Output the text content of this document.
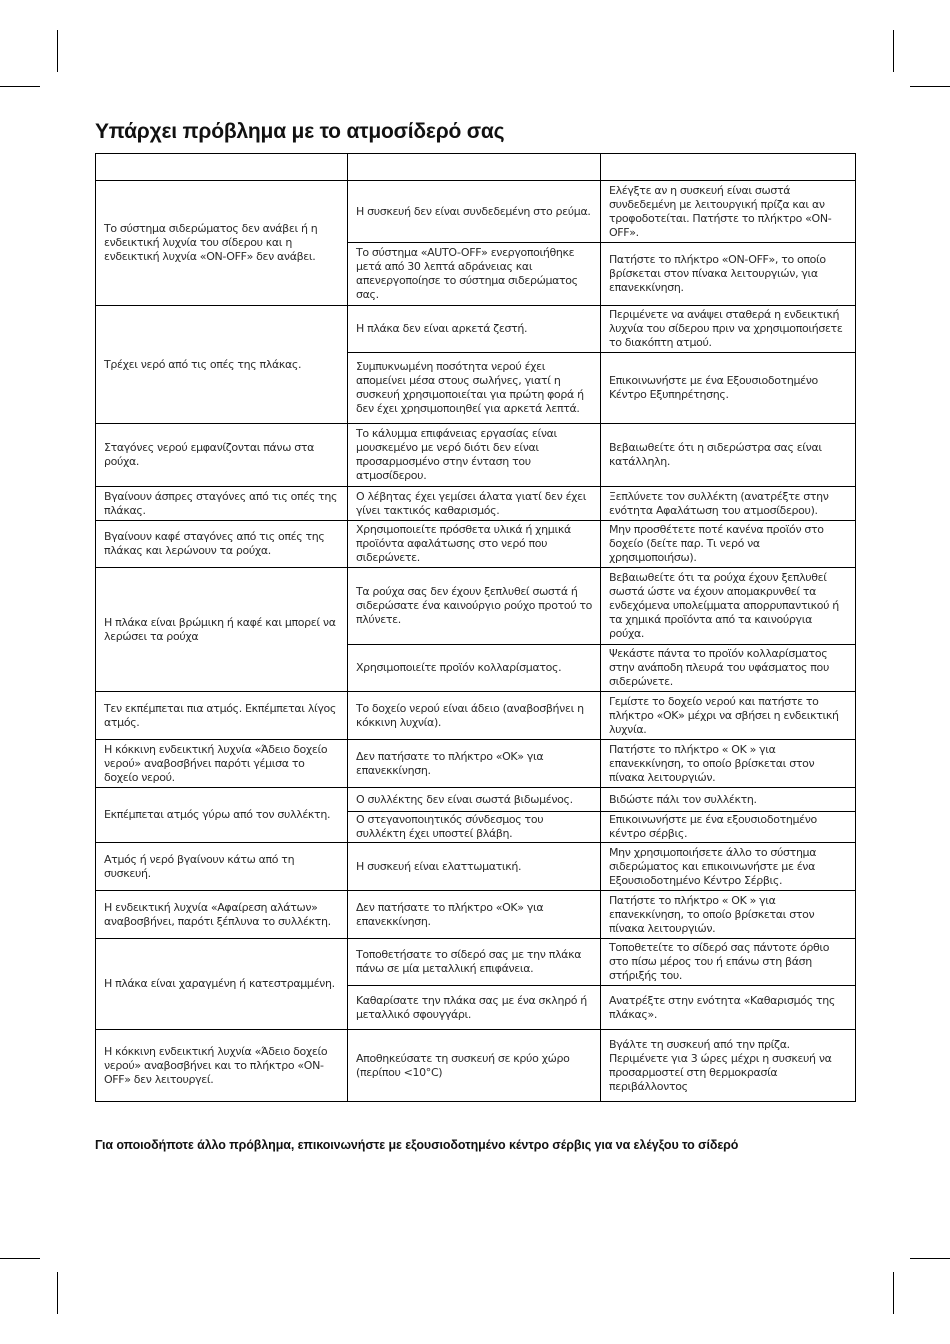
Υπάρχει πρόβλημα με το ατμοσίδερό σας

Το σύστημα σιδερώματος δεν ανάβει ή η ενδεικτική λυχνία του σίδερου και η ενδεικτική λυχνία «ON-OFF» δεν ανάβει.	Η συσκευή δεν είναι συνδεδεμένη στο ρεύμα.	Ελέγξτε αν η συσκευή είναι σωστά συνδεδεμένη με λειτουργική πρίζα και αν τροφοδοτείται. Πατήστε το πλήκτρο «ON-OFF».
	Το σύστημα «AUTO-OFF» ενεργοποιήθηκε μετά από 30 λεπτά αδράνειας και απενεργοποίησε το σύστημα σιδερώματος σας.	Πατήστε το πλήκτρο «ON-OFF», το οποίο βρίσκεται στον πίνακα λειτουργιών, για επανεκκίνηση.
Τρέχει νερό από τις οπές της πλάκας.	Η πλάκα δεν είναι αρκετά ζεστή.	Περιμένετε να ανάψει σταθερά η ενδεικτική λυχνία του σίδερου πριν να χρησιμοποιήσετε το διακόπτη ατμού.
	Συμπυκνωμένη ποσότητα νερού έχει απομείνει μέσα στους σωλήνες, γιατί η συσκευή χρησιμοποιείται για πρώτη φορά ή δεν έχει χρησιμοποιηθεί για αρκετά λεπτά.	Επικοινωνήστε με ένα Εξουσιοδοτημένο Κέντρο Εξυπηρέτησης.
Σταγόνες νερού εμφανίζονται πάνω στα ρούχα.	Το κάλυμμα επιφάνειας εργασίας είναι μουσκεμένο με νερό διότι δεν είναι προσαρμοσμένο στην ένταση του ατμοσίδερου.	Βεβαιωθείτε ότι η σιδερώστρα σας είναι κατάλληλη.
Βγαίνουν άσπρες σταγόνες από τις οπές της πλάκας.	Ο λέβητας έχει γεμίσει άλατα γιατί δεν έχει γίνει τακτικός καθαρισμός.	Ξεπλύνετε τον συλλέκτη (ανατρέξτε στην ενότητα Αφαλάτωση του ατμοσίδερου).
Βγαίνουν καφέ σταγόνες από τις οπές της πλάκας και λερώνουν τα ρούχα.	Χρησιμοποιείτε πρόσθετα υλικά ή χημικά προϊόντα αφαλάτωσης στο νερό που σιδερώνετε.	Μην προσθέτετε ποτέ κανένα προϊόν στο δοχείο (δείτε παρ. Τι νερό να χρησιμοποιήσω).
Η πλάκα είναι βρώμικη ή καφέ και μπορεί να λερώσει τα ρούχα	Τα ρούχα σας δεν έχουν ξεπλυθεί σωστά ή σιδερώσατε ένα καινούργιο ρούχο προτού το πλύνετε.	Βεβαιωθείτε ότι τα ρούχα έχουν ξεπλυθεί σωστά ώστε να έχουν απομακρυνθεί τα ενδεχόμενα υπολείμματα απορρυπαντικού ή τα χημικά προϊόντα από τα καινούργια ρούχα.
	Χρησιμοποιείτε προϊόν κολλαρίσματος.	Ψεκάστε πάντα το προϊόν κολλαρίσματος στην ανάποδη πλευρά του υφάσματος που σιδερώνετε.
Τεν εκπέμπεται πια ατμός. Εκπέμπεται λίγος ατμός.	Το δοχείο νερού είναι άδειο (αναβοσβήνει η κόκκινη λυχνία).	Γεμίστε το δοχείο νερού και πατήστε το πλήκτρο «OK» μέχρι να σβήσει η ενδεικτική λυχνία.
Η κόκκινη ενδεικτική λυχνία «Άδειο δοχείο νερού» αναβοσβήνει παρότι γέμισα το δοχείο νερού.	Δεν πατήσατε το πλήκτρο «OK» για επανεκκίνηση.	Πατήστε το πλήκτρο « OK » για επανεκκίνηση, το οποίο βρίσκεται στον πίνακα λειτουργιών.
Εκπέμπεται ατμός γύρω από τον συλλέκτη.	Ο συλλέκτης δεν είναι σωστά βιδωμένος.	Βιδώστε πάλι τον συλλέκτη.
	Ο στεγανοποιητικός σύνδεσμος του συλλέκτη έχει υποστεί βλάβη.	Επικοινωνήστε με ένα εξουσιοδοτημένο κέντρο σέρβις.
Ατμός ή νερό βγαίνουν κάτω από τη συσκευή.	Η συσκευή είναι ελαττωματική.	Μην χρησιμοποιήσετε άλλο το σύστημα σιδερώματος και επικοινωνήστε με ένα Εξουσιοδοτημένο Κέντρο Σέρβις.
Η ενδεικτική λυχνία «Αφαίρεση αλάτων» αναβοσβήνει, παρότι ξέπλυνα το συλλέκτη.	Δεν πατήσατε το πλήκτρο «OK» για επανεκκίνηση.	Πατήστε το πλήκτρο « OK » για επανεκκίνηση, το οποίο βρίσκεται στον πίνακα λειτουργιών.
Η πλάκα είναι χαραγμένη ή κατεστραμμένη.	Τοποθετήσατε το σίδερό σας με την πλάκα πάνω σε μία μεταλλική επιφάνεια.	Τοποθετείτε το σίδερό σας πάντοτε όρθιο στο πίσω μέρος του ή επάνω στη βάση στήριξής του.
	Καθαρίσατε την πλάκα σας με ένα σκληρό ή μεταλλικό σφουγγάρι.	Ανατρέξτε στην ενότητα «Καθαρισμός της πλάκας».
Η κόκκινη ενδεικτική λυχνία «Άδειο δοχείο νερού» αναβοσβήνει και το πλήκτρο «ON-OFF» δεν λειτουργεί.	Αποθηκεύσατε τη συσκευή σε κρύο χώρο (περίπου <10°C)	Βγάλτε τη συσκευή από την πρίζα. Περιμένετε για 3 ώρες μέχρι η συσκευή να προσαρμοστεί στη θερμοκρασία περιβάλλοντος
Για οποιοδήποτε άλλο πρόβλημα, επικοινωνήστε με εξουσιοδοτημένο κέντρο σέρβις για να ελέγξου το σίδερό
